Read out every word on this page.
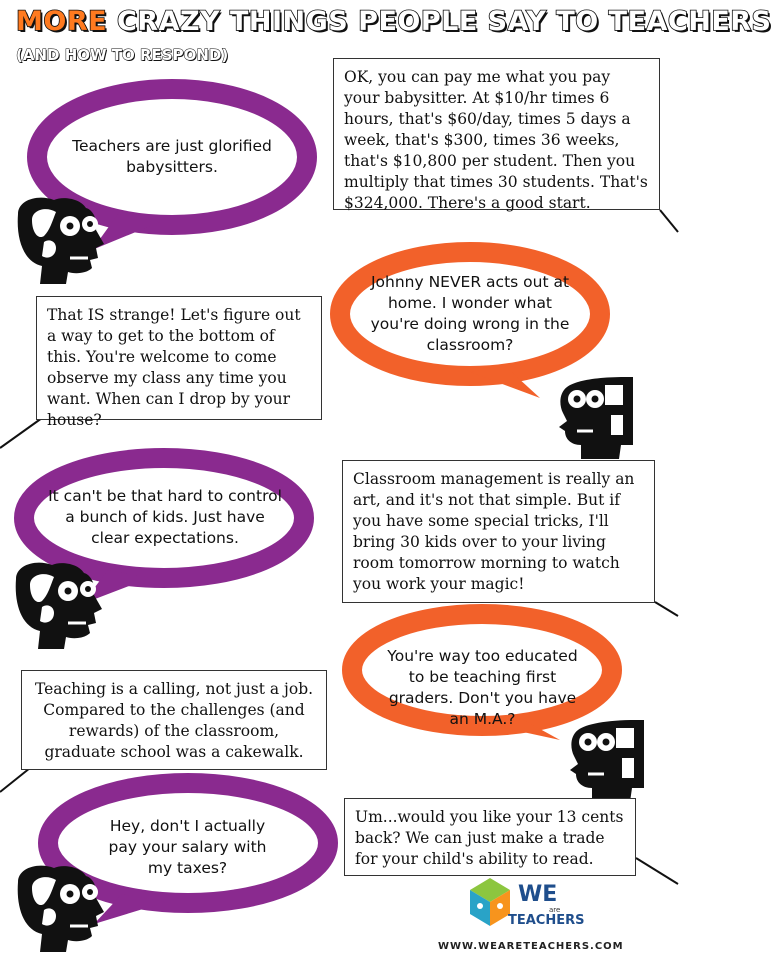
MORE CRAZY THINGS PEOPLE SAY TO TEACHERS
(AND HOW TO RESPOND)
Teachers are just glorified babysitters.
Johnny NEVER acts out at home. I wonder what you're doing wrong in the classroom?
It can't be that hard to control a bunch of kids. Just have clear expectations.
You're way too educated to be teaching first graders. Don't you have an M.A.?
Hey, don't I actually pay your salary with my taxes?
OK, you can pay me what you pay your babysitter. At $10/hr times 6 hours, that's $60/day, times 5 days a week, that's $300, times 36 weeks, that's $10,800 per student. Then you multiply that times 30 students. That's $324,000. There's a good start.
That IS strange! Let's figure out a way to get to the bottom of this. You're welcome to come observe my class any time you want. When can I drop by your house?
Classroom management is really an art, and it's not that simple. But if you have some special tricks, I'll bring 30 kids over to your living room tomorrow morning to watch you work your magic!
Teaching is a calling, not just a job. Compared to the challenges (and rewards) of the classroom, graduate school was a cakewalk.
Um...would you like your 13 cents back? We can just make a trade for your child's ability to read.
WE
are
TEACHERS
WWW.WEARETEACHERS.COM
